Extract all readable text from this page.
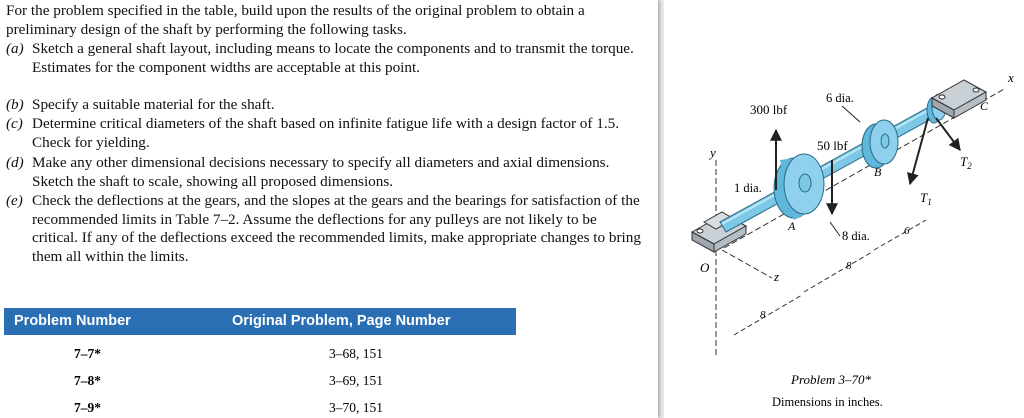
For the problem specified in the table, build upon the results of the original problem to obtain a preliminary design of the shaft by performing the following tasks.
(a) Sketch a general shaft layout, including means to locate the components and to transmit the torque. Estimates for the component widths are acceptable at this point.
(b) Specify a suitable material for the shaft.
(c) Determine critical diameters of the shaft based on infinite fatigue life with a design factor of 1.5. Check for yielding.
(d) Make any other dimensional decisions necessary to specify all diameters and axial dimensions. Sketch the shaft to scale, showing all proposed dimensions.
(e) Check the deflections at the gears, and the slopes at the gears and the bearings for satisfaction of the recommended limits in Table 7–2. Assume the deflections for any pulleys are not likely to be critical. If any of the deflections exceed the recommended limits, make appropriate changes to bring them all within the limits.
Problem Number	Original Problem, Page Number
7–7*	3–68, 151
7–8*	3–69, 151
7–9*	3–70, 151
y
x
z
O
300 lbf
50 lbf
$T_2$
$T_1$
6 dia.
1 dia.
8 dia.
A
B
C
8
8
6
Problem 3–70*
Dimensions in inches.
